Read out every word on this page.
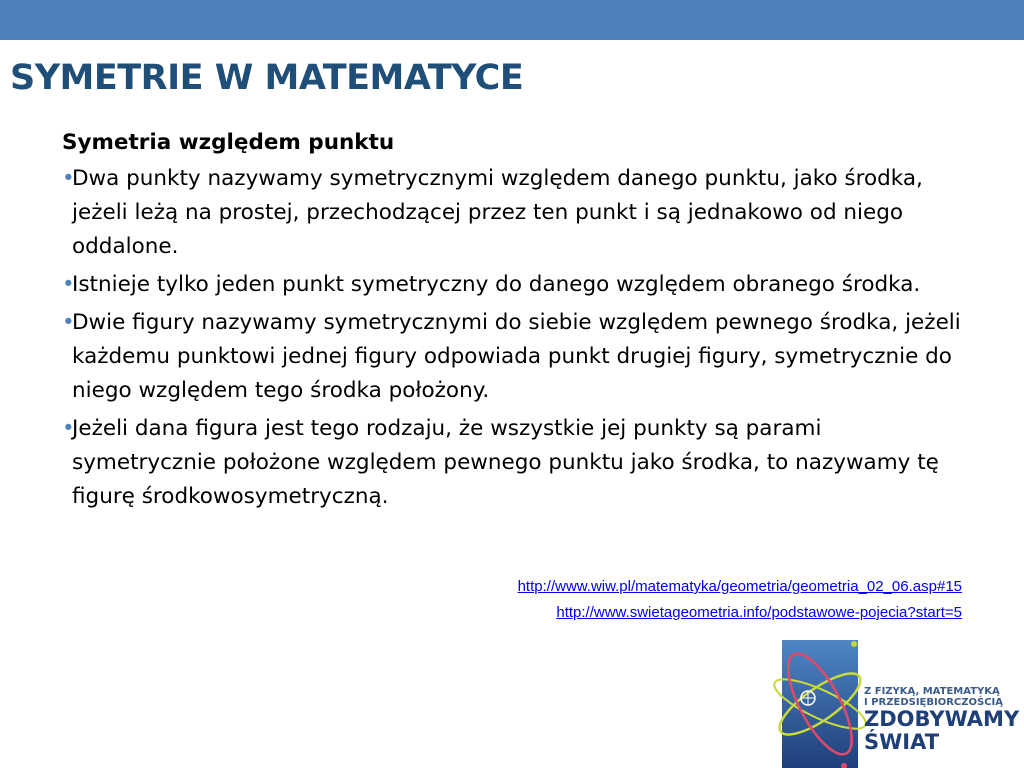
SYMETRIE W MATEMATYCE

Symetria względem punktu

•
Dwa punkty nazywamy symetrycznymi względem danego punktu, jako środka, jeżeli leżą na prostej, przechodzącej przez ten punkt i są jednakowo od niego oddalone.

•
Istnieje tylko jeden punkt symetryczny do danego względem obranego środka.

•
Dwie figury nazywamy symetrycznymi do siebie względem pewnego środka, jeżeli każdemu punktowi jednej figury odpowiada punkt drugiej figury, symetrycznie do niego względem tego środka położony.

•
Jeżeli dana figura jest tego rodzaju, że wszystkie jej punkty są parami symetrycznie położone względem pewnego punktu jako środka, to nazywamy tę figurę środkowosymetryczną.

http://www.wiw.pl/matematyka/geometria/geometria_02_06.asp#15
http://www.swietageometria.info/podstawowe-pojecia?start=5
Z FIZYKĄ, MATEMATYKĄ
I PRZEDSIĘBIORCZOŚCIĄ
ZDOBYWAMY
ŚWIAT
